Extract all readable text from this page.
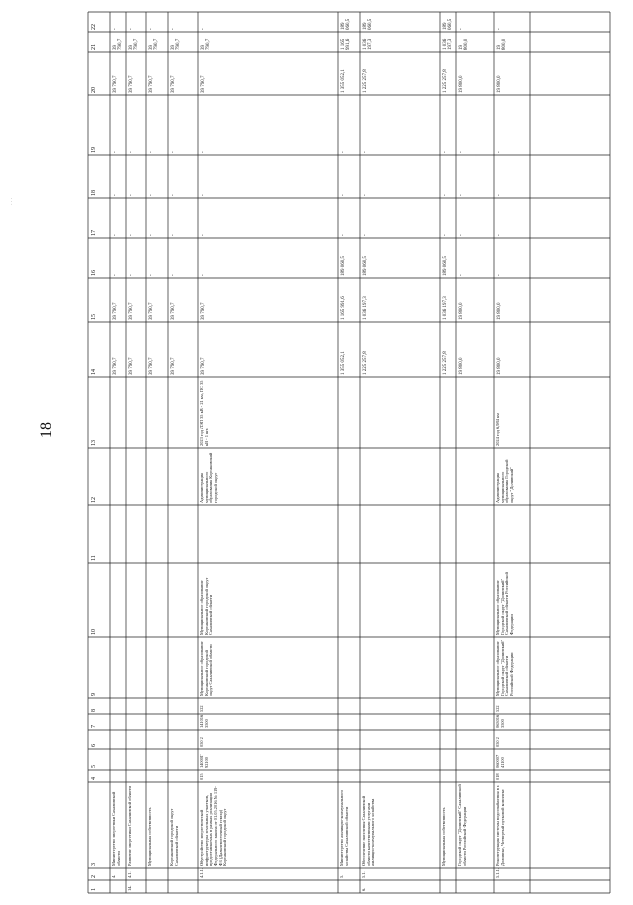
18
· · ·
1
2
3
4
5
6
7
8
9
10
11
12
13
14
15
16
17
18
19
20
21
22
4.
Министерство энергетики Сахалинской области
39 790,7
39 790,7
-
-
-
-
39 790,7
39 790,7
-
14.
4.1.
Развитие энергетики Сахалинской области
39 790,7
39 790,7
-
-
-
-
39 790,7
39 790,7
-
Муниципальная собственность
39 790,7
39 790,7
-
-
-
-
39 790,7
39 790,7
-
Корсаковский городской округ Сахалинской области
39 790,7
39 790,7
-
-
-
-
39 790,7
39 790,7
-
4.1.1.
Обустройство энергетической инфраструктуры земельных участков, предоставляемых в рамках реализации Федерального закона от 01.05.2016 № 119-ФЗ (Дальневосточный гектар) Корсаковский городской округ
015
14000Г 92100
050 2
141016 3500
522
Муниципальное образование Корсаковский городской округ Сахалинской области
Муниципальное образование Корсаковский городской округ Сахалинской области
Администрация муниципального образования Корсаковский городской округ
2023 год ЛЭП 35 кВ - 21 км, ПС 35 кВ - 1 шт.
39 790,7
39 790,7
-
-
-
-
39 790,7
39 790,7
-
5.
Министерство жилищно-коммунального хозяйства Сахалинской области
1 355 052,1
1 165 991,6
189 060,5
-
-
-
1 355 052,1
1 165 991,6
189 060,5
6.
5.1.
Обеспечение населения Сахалинской области качественными услугами жилищно-коммунального хозяйства
1 225 257,8
1 036 197,3
189 060,5
-
-
-
1 225 257,8
1 036 197,3
189 060,5
Муниципальная собственность
1 225 257,8
1 036 197,3
189 060,5
-
-
-
1 225 257,8
1 036 197,3
189 060,5
Городской округ "Долинский" Сахалинской области Российской Федерации
19 800,0
19 800,0
-
-
-
-
19 800,0
19 800,0
-
5.1.1.
Реконструкция системы водоснабжения в г. Долинске, Четвертый пусковой комплекс
018
060007 41100
050 2
063016 3500
522
Муниципальное образование Городской округ "Долинский" Сахалинской области Российской Федерации
Муниципальное образование Городской округ "Долинский" Сахалинской области Российской Федерации
Администрация муниципального образования Городской округ "Долинский"
2024 год 6,984 км
19 800,0
19 800,0
-
-
-
-
19 800,0
19 800,0
-
